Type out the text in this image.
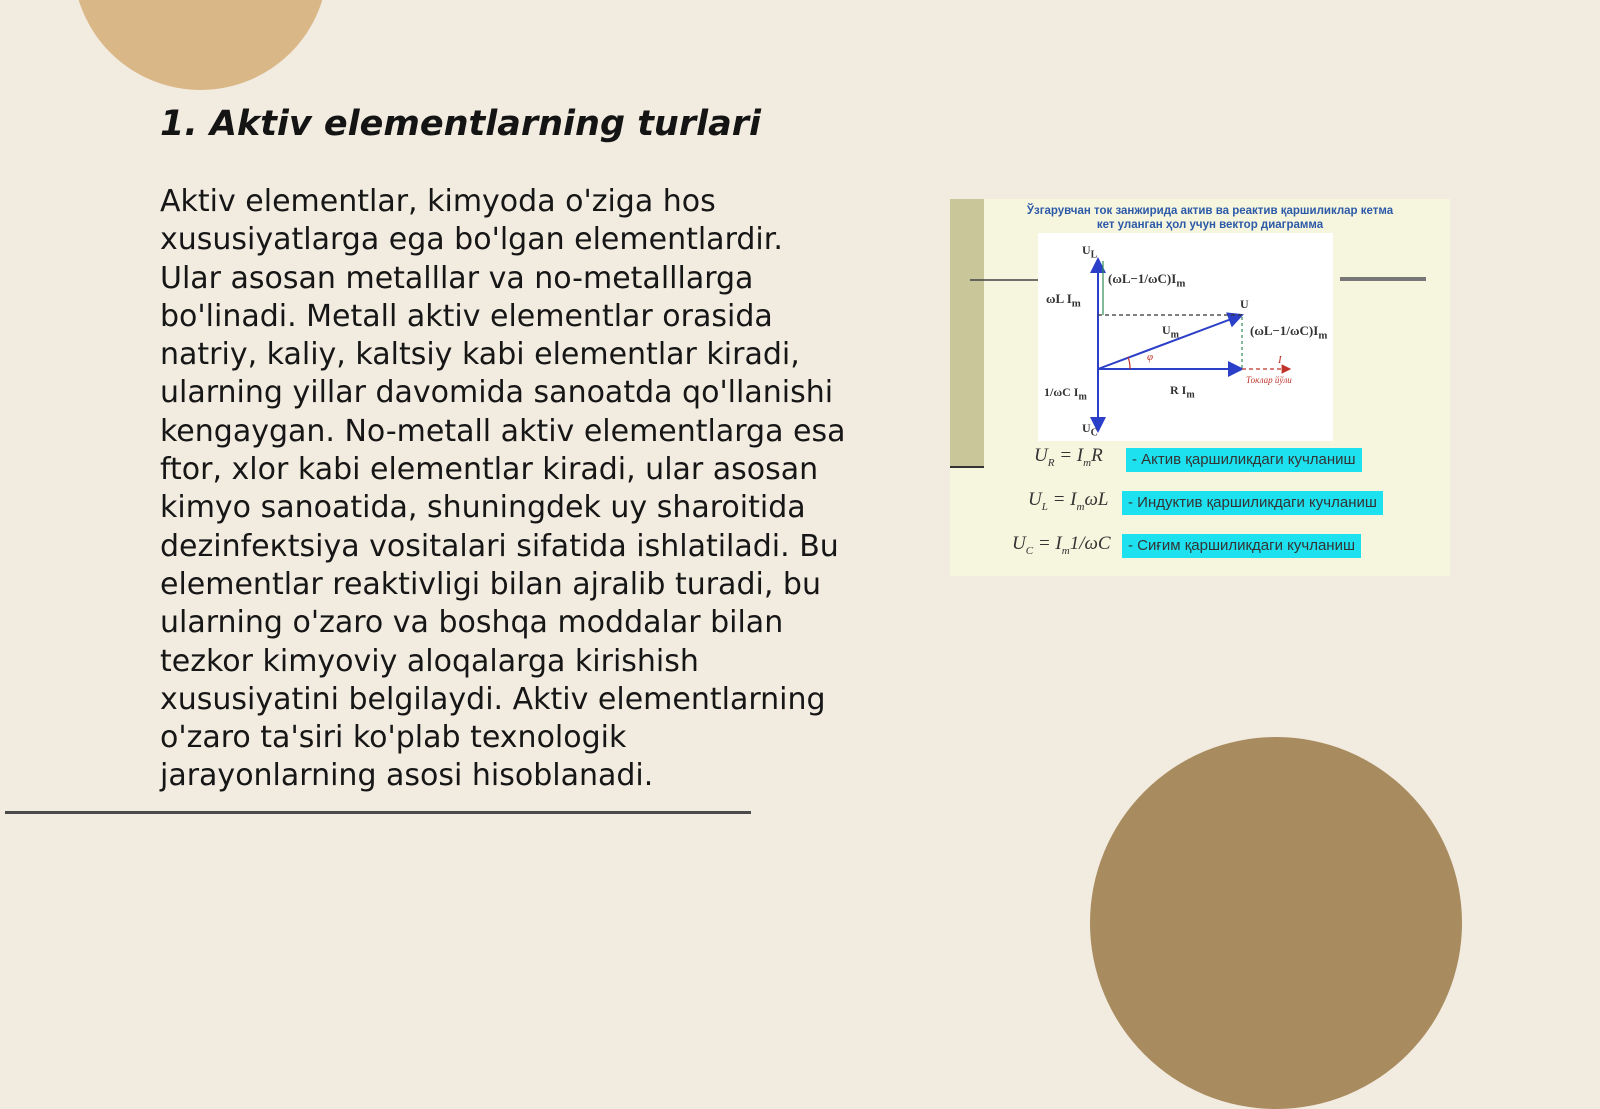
1. Aktiv elementlarning turlari
Aktiv elementlar, kimyoda o'ziga hos
xususiyatlarga ega bo'lgan elementlardir.
Ular asosan metalllar va no-metalllarga
bo'linadi. Metall aktiv elementlar orasida
natriy, kaliy, kaltsiy kabi elementlar kiradi,
ularning yillar davomida sanoatda qo'llanishi
kengaygan. No-metall aktiv elementlarga esa
ftor, xlor kabi elementlar kiradi, ular asosan
kimyo sanoatida, shuningdek uy sharoitida
dezinfeкtsiya vositalari sifatida ishlatiladi. Bu
elementlar reaktivligi bilan ajralib turadi, bu
ularning o'zaro va boshqa moddalar bilan
tezkor kimyoviy aloqalarga kirishish
xususiyatini belgilaydi. Aktiv elementlarning
o'zaro ta'siri ko'plab texnologik
jarayonlarning asosi hisoblanadi.
Ўзгарувчан ток занжирида актив ва реактив қаршиликлар кетма
кет уланган ҳол учун вектор диаграмма
$U_L$
$U_C$
U
$U_m$
ωL $I_m$
$(\omega L-1/\omega C)I_m$
$(\omega L-1/\omega C)I_m$
φ
R $I_m$
I
Токлар йўли
1/ωC $I_m$
$U_R = I_mR$	- Актив қаршиликдаги кучланиш
$U_L = I_m\omega L$	- Индуктив қаршиликдаги кучланиш
$U_C = I_m1/\omega C$	- Сиғим қаршиликдаги кучланиш
